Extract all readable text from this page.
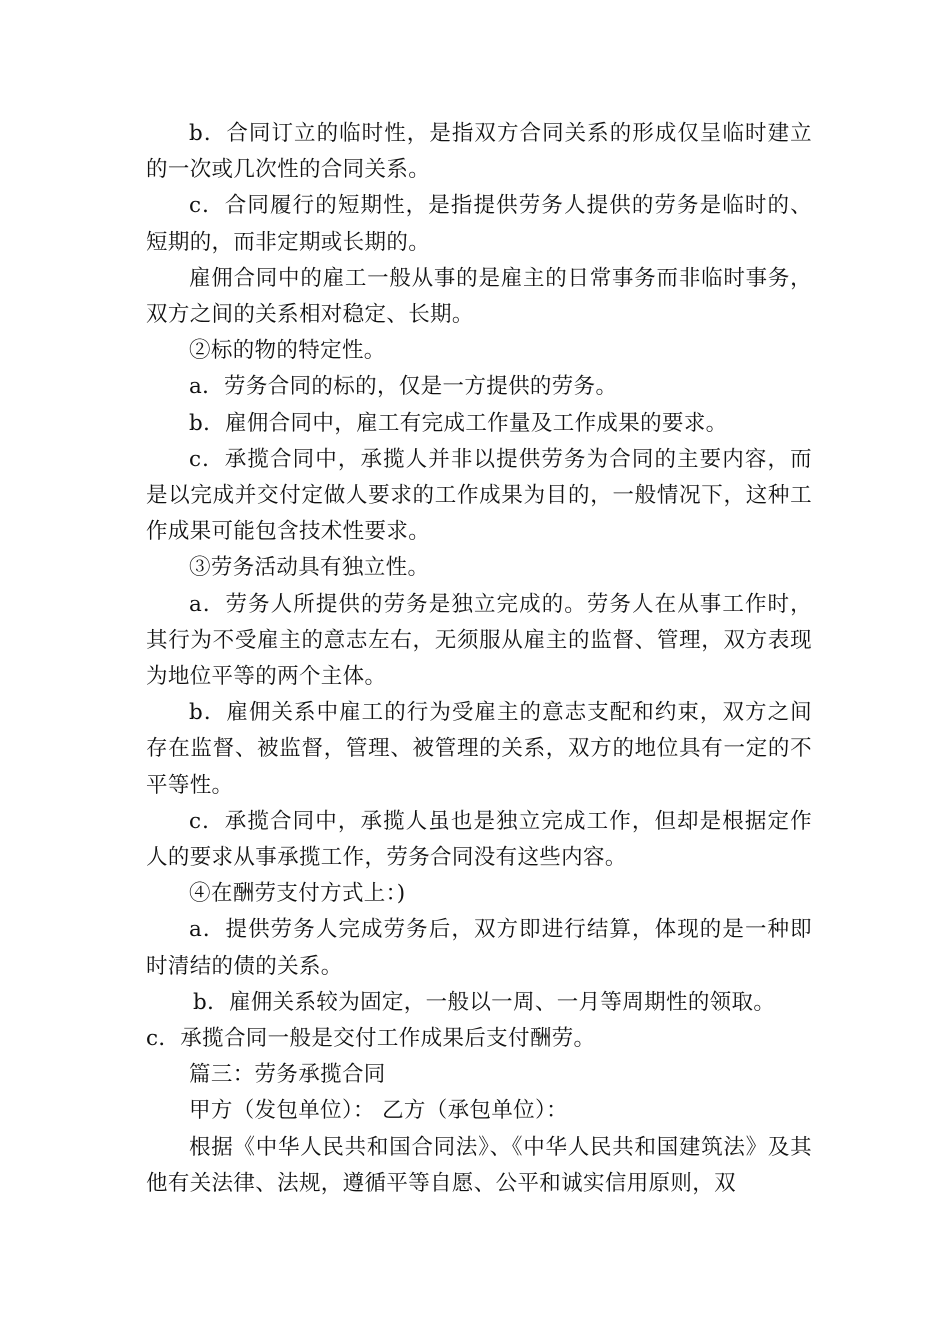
b．合同订立的临时性，是指双方合同关系的形成仅呈临时建立的一次或几次性的合同关系。

c．合同履行的短期性，是指提供劳务人提供的劳务是临时的、短期的，而非定期或长期的。

雇佣合同中的雇工一般从事的是雇主的日常事务而非临时事务，双方之间的关系相对稳定、长期。

②标的物的特定性。

a．劳务合同的标的，仅是一方提供的劳务。

b．雇佣合同中，雇工有完成工作量及工作成果的要求。

c．承揽合同中，承揽人并非以提供劳务为合同的主要内容，而是以完成并交付定做人要求的工作成果为目的，一般情况下，这种工作成果可能包含技术性要求。

③劳务活动具有独立性。

a．劳务人所提供的劳务是独立完成的。劳务人在从事工作时，其行为不受雇主的意志左右，无须服从雇主的监督、管理，双方表现为地位平等的两个主体。

b．雇佣关系中雇工的行为受雇主的意志支配和约束，双方之间存在监督、被监督，管理、被管理的关系，双方的地位具有一定的不平等性。

c．承揽合同中，承揽人虽也是独立完成工作，但却是根据定作人的要求从事承揽工作，劳务合同没有这些内容。

④在酬劳支付方式上：)

a．提供劳务人完成劳务后，双方即进行结算，体现的是一种即时清结的债的关系。

b．雇佣关系较为固定，一般以一周、一月等周期性的领取。

c．承揽合同一般是交付工作成果后支付酬劳。

篇三：劳务承揽合同

甲方（发包单位）： 乙方（承包单位）：

根据《中华人民共和国合同法》、《中华人民共和国建筑法》及其他有关法律、法规，遵循平等自愿、公平和诚实信用原则，双
